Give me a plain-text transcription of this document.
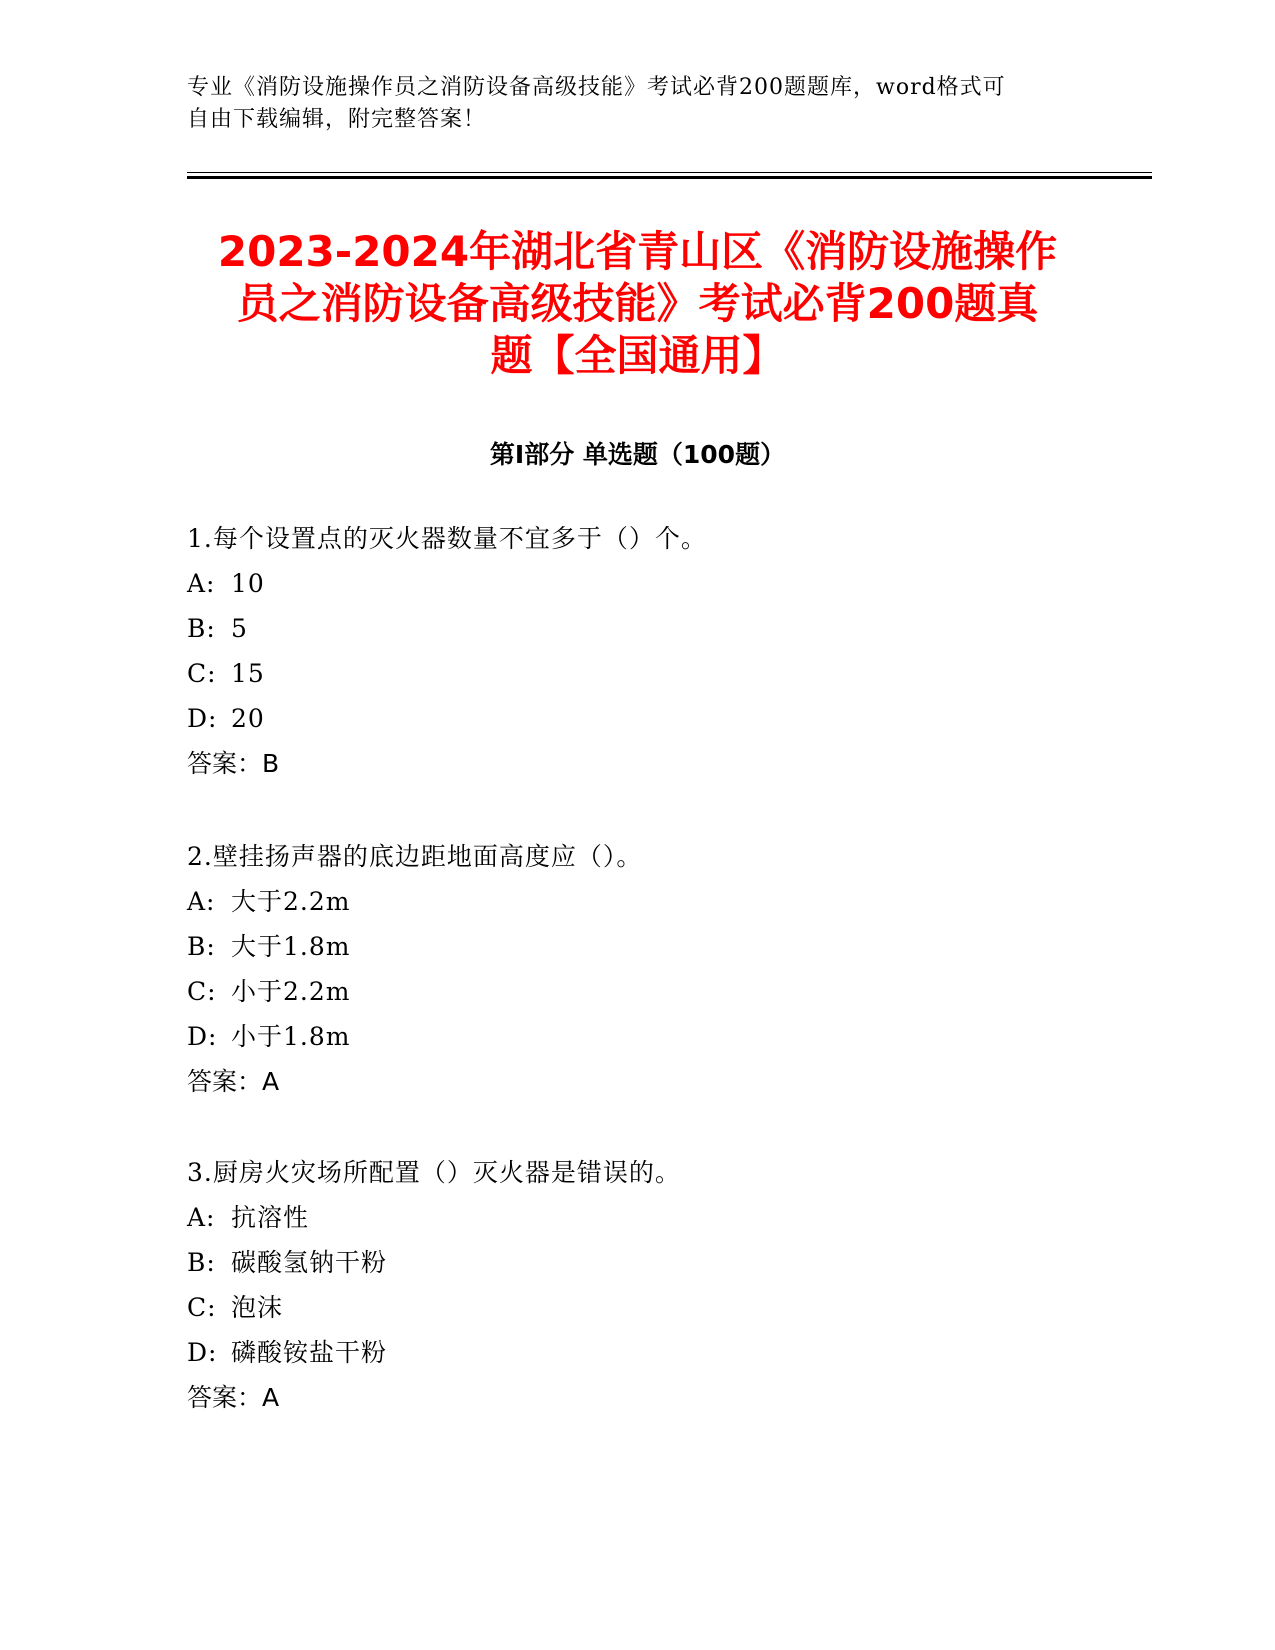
专业《消防设施操作员之消防设备高级技能》考试必背200题题库，word格式可
自由下载编辑，附完整答案！
2023-2024年湖北省青山区《消防设施操作
员之消防设备高级技能》考试必背200题真
题【全国通用】
第I部分 单选题（100题）
1.每个设置点的灭火器数量不宜多于（）个。
A: 10
B: 5
C: 15
D: 20
答案：B
2.壁挂扬声器的底边距地面高度应（）。
A: 大于2.2m
B: 大于1.8m
C: 小于2.2m
D: 小于1.8m
答案：A
3.厨房火灾场所配置（）灭火器是错误的。
A: 抗溶性
B: 碳酸氢钠干粉
C: 泡沫
D: 磷酸铵盐干粉
答案：A
